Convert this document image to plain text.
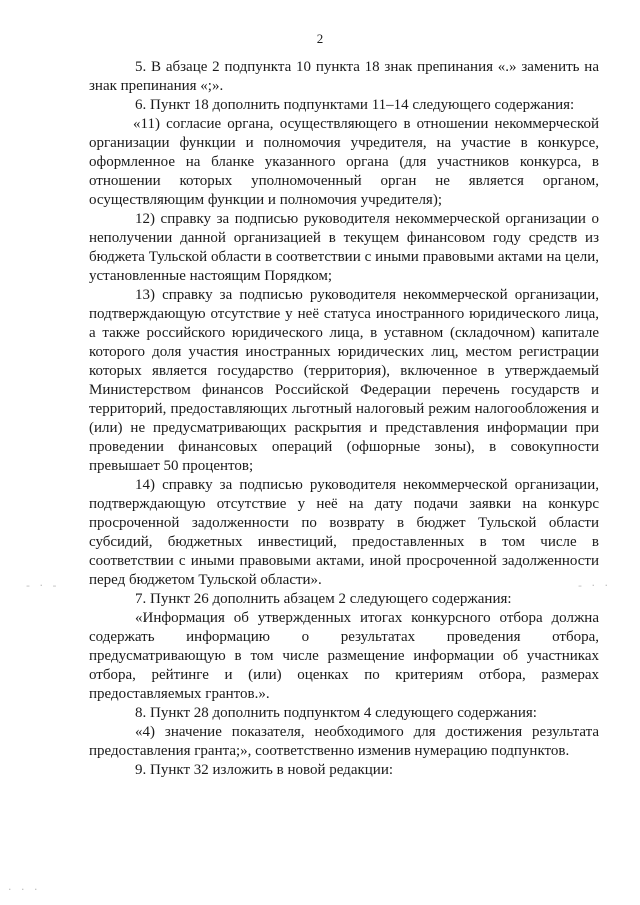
2

5. В абзаце 2 подпункта 10 пункта 18 знак препинания «.» заменить на знак препинания «;».

6. Пункт 18 дополнить подпунктами 11–14 следующего содержания:

«11) согласие органа, осуществляющего в отношении некоммерческой организации функции и полномочия учредителя, на участие в конкурсе, оформленное на бланке указанного органа (для участников конкурса, в отношении которых уполномоченный орган не является органом, осуществляющим функции и полномочия учредителя);

12) справку за подписью руководителя некоммерческой организации о неполучении данной организацией в текущем финансовом году средств из бюджета Тульской области в соответствии с иными правовыми актами на цели, установленные настоящим Порядком;

13) справку за подписью руководителя некоммерческой организации, подтверждающую отсутствие у неё статуса иностранного юридического лица, а также российского юридического лица, в уставном (складочном) капитале которого доля участия иностранных юридических лиц, местом регистрации которых является государство (территория), включенное в утверждаемый Министерством финансов Российской Федерации перечень государств и территорий, предоставляющих льготный налоговый режим налогообложения и (или) не предусматривающих раскрытия и представления информации при проведении финансовых операций (офшорные зоны), в совокупности превышает 50 процентов;

14) справку за подписью руководителя некоммерческой организации, подтверждающую отсутствие у неё на дату подачи заявки на конкурс просроченной задолженности по возврату в бюджет Тульской области субсидий, бюджетных инвестиций, предоставленных в том числе в соответствии с иными правовыми актами, иной просроченной задолженности перед бюджетом Тульской области».

7. Пункт 26 дополнить абзацем 2 следующего содержания:

«Информация об утвержденных итогах конкурсного отбора должна содержать информацию о результатах проведения отбора, предусматривающую в том числе размещение информации об участниках отбора, рейтинге и (или) оценках по критериям отбора, размерах предоставляемых грантов.».

8. Пункт 28 дополнить подпунктом 4 следующего содержания:

«4) значение показателя, необходимого для достижения результата предоставления гранта;», соответственно изменив нумерацию подпунктов.

9. Пункт 32 изложить в новой редакции:

‐ · ‐	‐ · ·
· · ·
